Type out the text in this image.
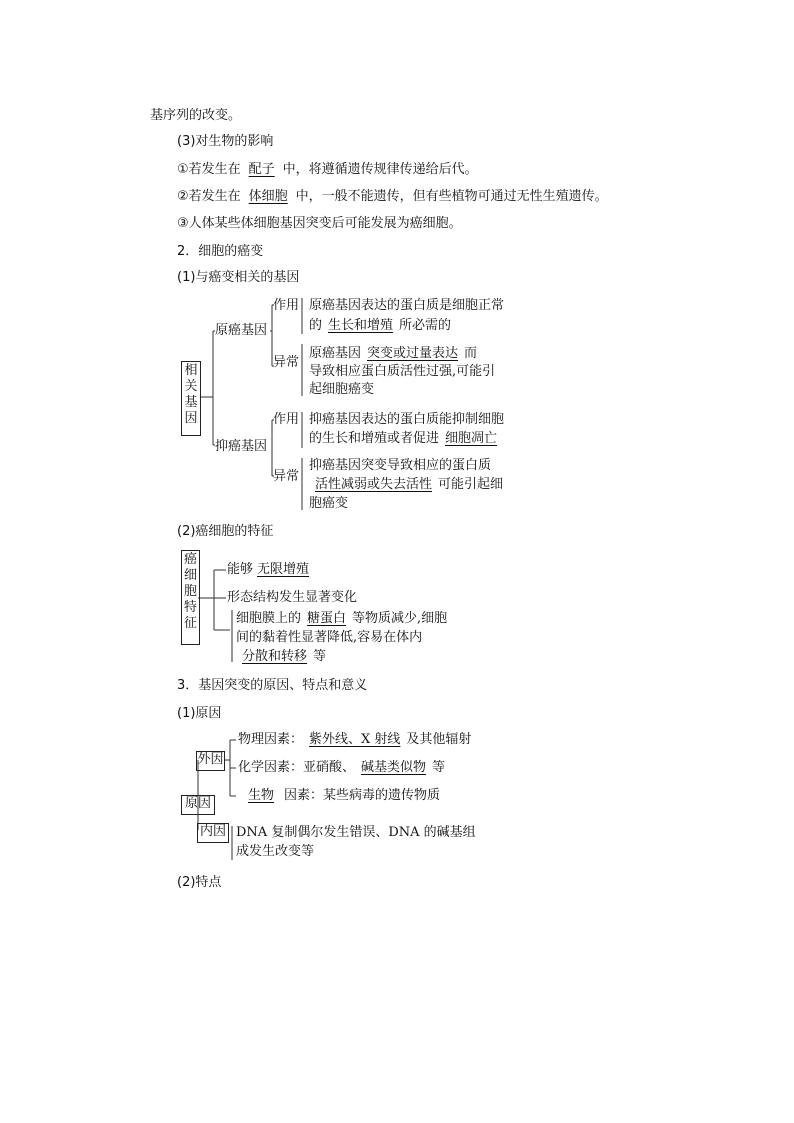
基序列的改变。
(3)对生物的影响
①若发生在 配子 中，将遵循遗传规律传递给后代。
②若发生在 体细胞 中，一般不能遗传，但有些植物可通过无性生殖遗传。
③人体某些体细胞基因突变后可能发展为癌细胞。
2．细胞的癌变
(1)与癌变相关的基因
相
关
基
因
原癌基因
作用 原癌基因表达的蛋白质是细胞正常
的 生长和增殖 所必需的
异常
原癌基因 突变或过量表达 而
导致相应蛋白质活性过强,可能引
起细胞癌变
抑癌基因
作用 抑癌基因表达的蛋白质能抑制细胞
的生长和增殖或者促进 细胞凋亡
异常
抑癌基因突变导致相应的蛋白质
活性减弱或失去活性 可能引起细
胞癌变
(2)癌细胞的特征
癌
细
胞
特
征
能够 无限增殖
形态结构发生显著变化
细胞膜上的 糖蛋白 等物质减少,细胞
间的黏着性显著降低,容易在体内
分散和转移 等
3．基因突变的原因、特点和意义
(1)原因
原因
外因
内因
物理因素： 紫外线、X 射线 及其他辐射
化学因素：亚硝酸、 碱基类似物 等
生物 因素：某些病毒的遗传物质
DNA 复制偶尔发生错误、DNA 的碱基组
成发生改变等
(2)特点
